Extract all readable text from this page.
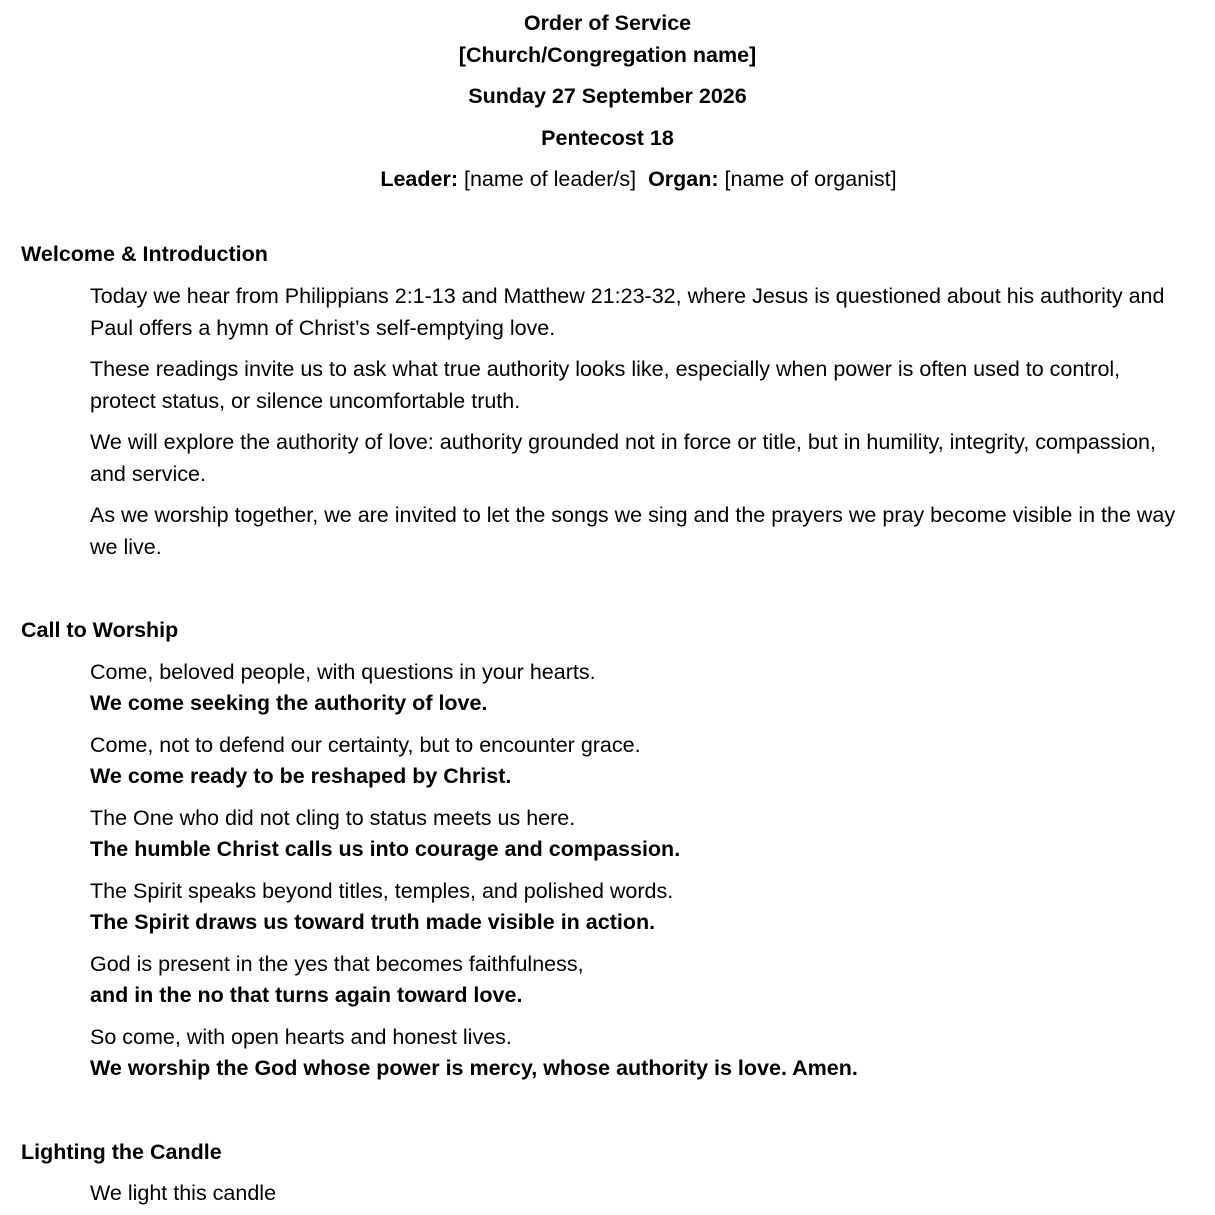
Order of Service
[Church/Congregation name]
Sunday 27 September 2026
Pentecost 18
Leader: [name of leader/s] Organ: [name of organist]
Welcome & Introduction

Today we hear from Philippians 2:1-13 and Matthew 21:23-32, where Jesus is questioned about his authority and Paul offers a hymn of Christ’s self-emptying love.

These readings invite us to ask what true authority looks like, especially when power is often used to control, protect status, or silence uncomfortable truth.

We will explore the authority of love: authority grounded not in force or title, but in humility, integrity, compassion, and service.

As we worship together, we are invited to let the songs we sing and the prayers we pray become visible in the way we live.

Call to Worship

Come, beloved people, with questions in your hearts.
We come seeking the authority of love.

Come, not to defend our certainty, but to encounter grace.
We come ready to be reshaped by Christ.

The One who did not cling to status meets us here.
The humble Christ calls us into courage and compassion.

The Spirit speaks beyond titles, temples, and polished words.
The Spirit draws us toward truth made visible in action.

God is present in the yes that becomes faithfulness,
and in the no that turns again toward love.

So come, with open hearts and honest lives.
We worship the God whose power is mercy, whose authority is love. Amen.

Lighting the Candle

We light this candle
